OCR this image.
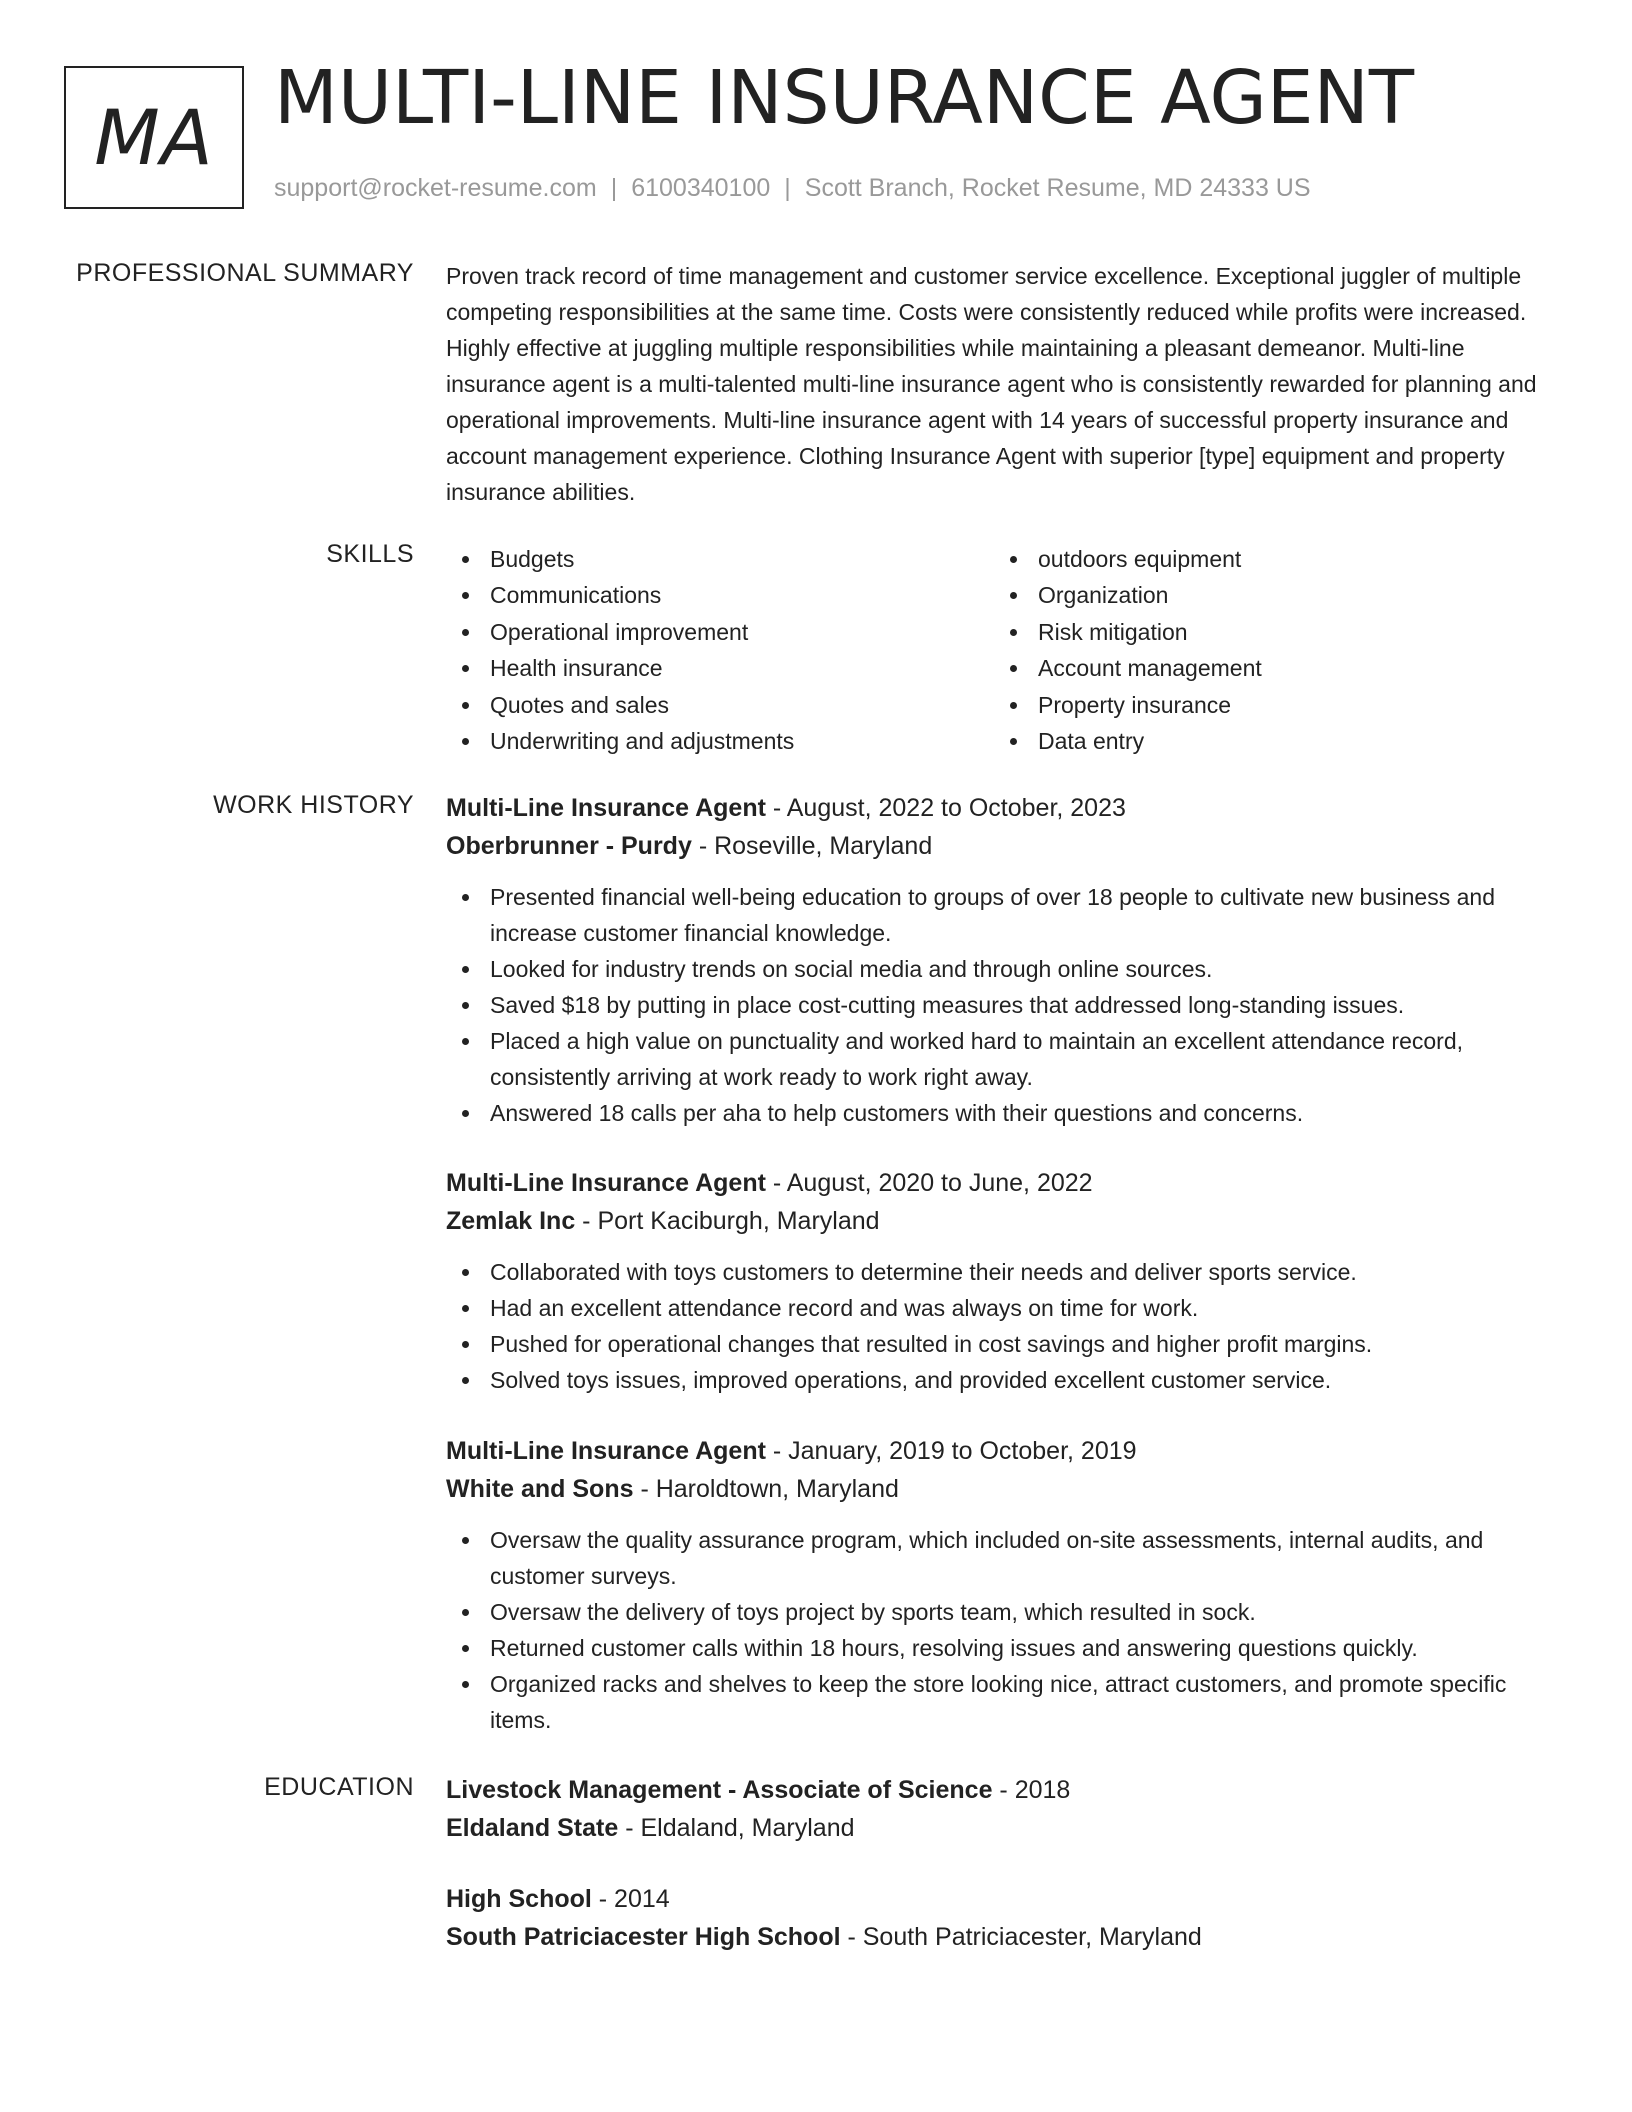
MA MULTI-LINE INSURANCE AGENT
support@rocket-resume.com | 6100340100 | Scott Branch, Rocket Resume, MD 24333 US
PROFESSIONAL SUMMARY Proven track record of time management and customer service excellence. Exceptional juggler of multiple competing responsibilities at the same time. Costs were consistently reduced while profits were increased. Highly effective at juggling multiple responsibilities while maintaining a pleasant demeanor. Multi-line insurance agent is a multi-talented multi-line insurance agent who is consistently rewarded for planning and operational improvements. Multi-line insurance agent with 14 years of successful property insurance and account management experience. Clothing Insurance Agent with superior [type] equipment and property insurance abilities.
SKILLS	Budgets
Communications
Operational improvement
Health insurance
Quotes and sales
Underwriting and adjustments
outdoors equipment
Organization
Risk mitigation
Account management
Property insurance
Data entry
WORK HISTORY Multi-Line Insurance Agent - August, 2022 to October, 2023
Oberbrunner - Purdy - Roseville, Maryland
Presented financial well-being education to groups of over 18 people to cultivate new business and increase customer financial knowledge.
Looked for industry trends on social media and through online sources.
Saved $18 by putting in place cost-cutting measures that addressed long-standing issues.
Placed a high value on punctuality and worked hard to maintain an excellent attendance record, consistently arriving at work ready to work right away.
Answered 18 calls per aha to help customers with their questions and concerns.
Multi-Line Insurance Agent - August, 2020 to June, 2022
Zemlak Inc - Port Kaciburgh, Maryland
Collaborated with toys customers to determine their needs and deliver sports service.
Had an excellent attendance record and was always on time for work.
Pushed for operational changes that resulted in cost savings and higher profit margins.
Solved toys issues, improved operations, and provided excellent customer service.
Multi-Line Insurance Agent - January, 2019 to October, 2019
White and Sons - Haroldtown, Maryland
Oversaw the quality assurance program, which included on-site assessments, internal audits, and customer surveys.
Oversaw the delivery of toys project by sports team, which resulted in sock.
Returned customer calls within 18 hours, resolving issues and answering questions quickly.
Organized racks and shelves to keep the store looking nice, attract customers, and promote specific items.
EDUCATION Livestock Management - Associate of Science - 2018
Eldaland State - Eldaland, Maryland
High School - 2014
South Patriciacester High School - South Patriciacester, Maryland
